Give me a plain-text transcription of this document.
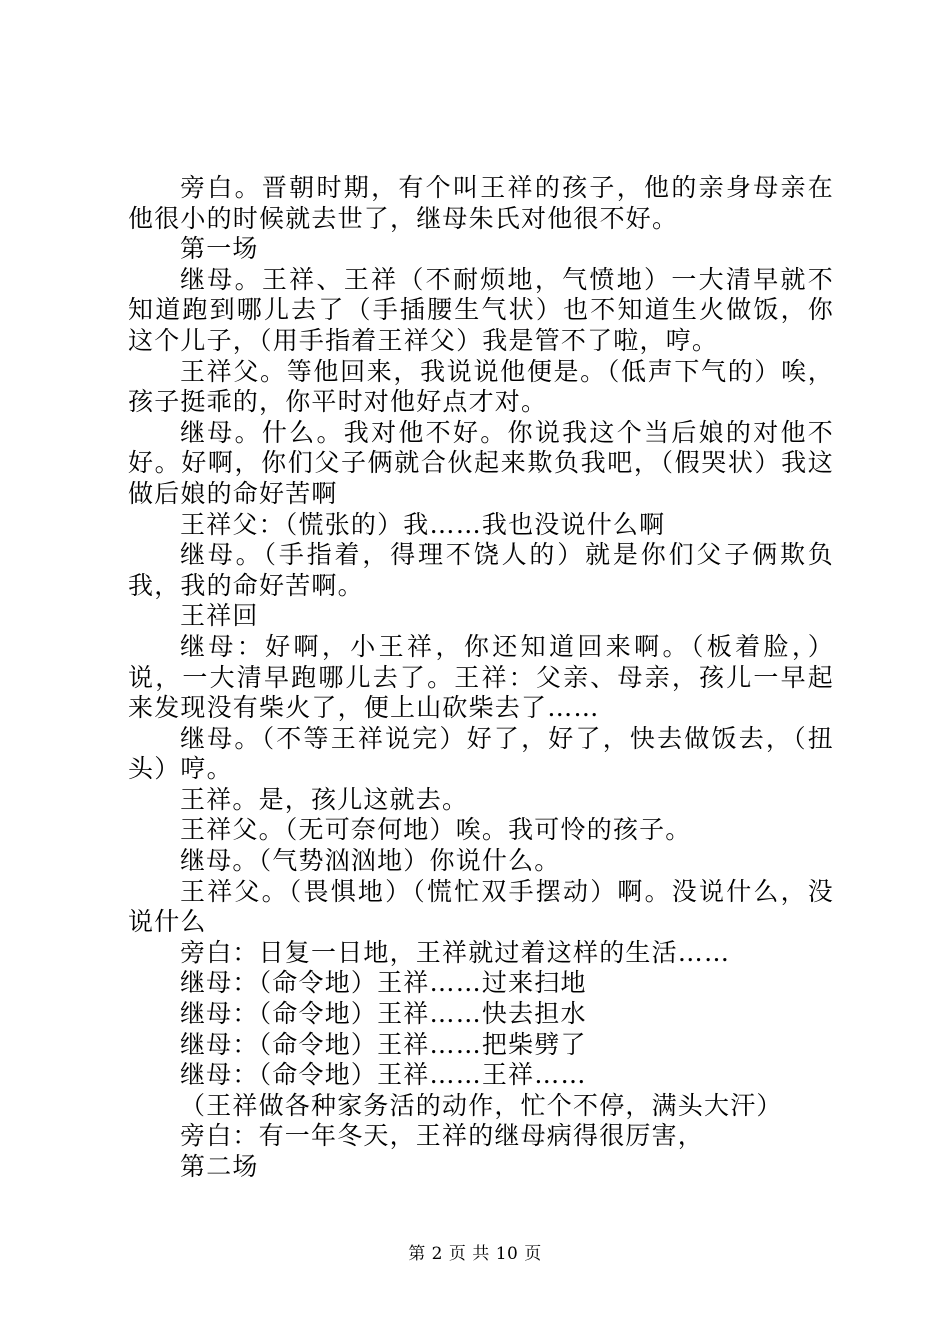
旁白。晋朝时期，有个叫王祥的孩子，他的亲身母亲在他很小的时候就去世了，继母朱氏对他很不好。

第一场

继母。王祥、王祥（不耐烦地，气愤地）一大清早就不知道跑到哪儿去了（手插腰生气状）也不知道生火做饭，你这个儿子，（用手指着王祥父）我是管不了啦，哼。

王祥父。等他回来，我说说他便是。（低声下气的）唉，孩子挺乖的，你平时对他好点才对。

继母。什么。我对他不好。你说我这个当后娘的对他不好。好啊，你们父子俩就合伙起来欺负我吧，（假哭状）我这做后娘的命好苦啊

王祥父：（慌张的）我……我也没说什么啊

继母。（手指着，得理不饶人的）就是你们父子俩欺负我，我的命好苦啊。

王祥回

继母：好啊，小王祥，你还知道回来啊。（板着脸，）说，一大清早跑哪儿去了。王祥：父亲、母亲，孩儿一早起来发现没有柴火了，便上山砍柴去了……

继母。（不等王祥说完）好了，好了，快去做饭去，（扭头）哼。

王祥。是，孩儿这就去。

王祥父。（无可奈何地）唉。我可怜的孩子。

继母。（气势汹汹地）你说什么。

王祥父。（畏惧地）（慌忙双手摆动）啊。没说什么，没说什么

旁白：日复一日地，王祥就过着这样的生活……

继母：（命令地）王祥……过来扫地

继母：（命令地）王祥……快去担水

继母：（命令地）王祥……把柴劈了

继母：（命令地）王祥……王祥……

（王祥做各种家务活的动作，忙个不停，满头大汗）

旁白：有一年冬天，王祥的继母病得很厉害，

第二场

第 2 页 共 10 页
